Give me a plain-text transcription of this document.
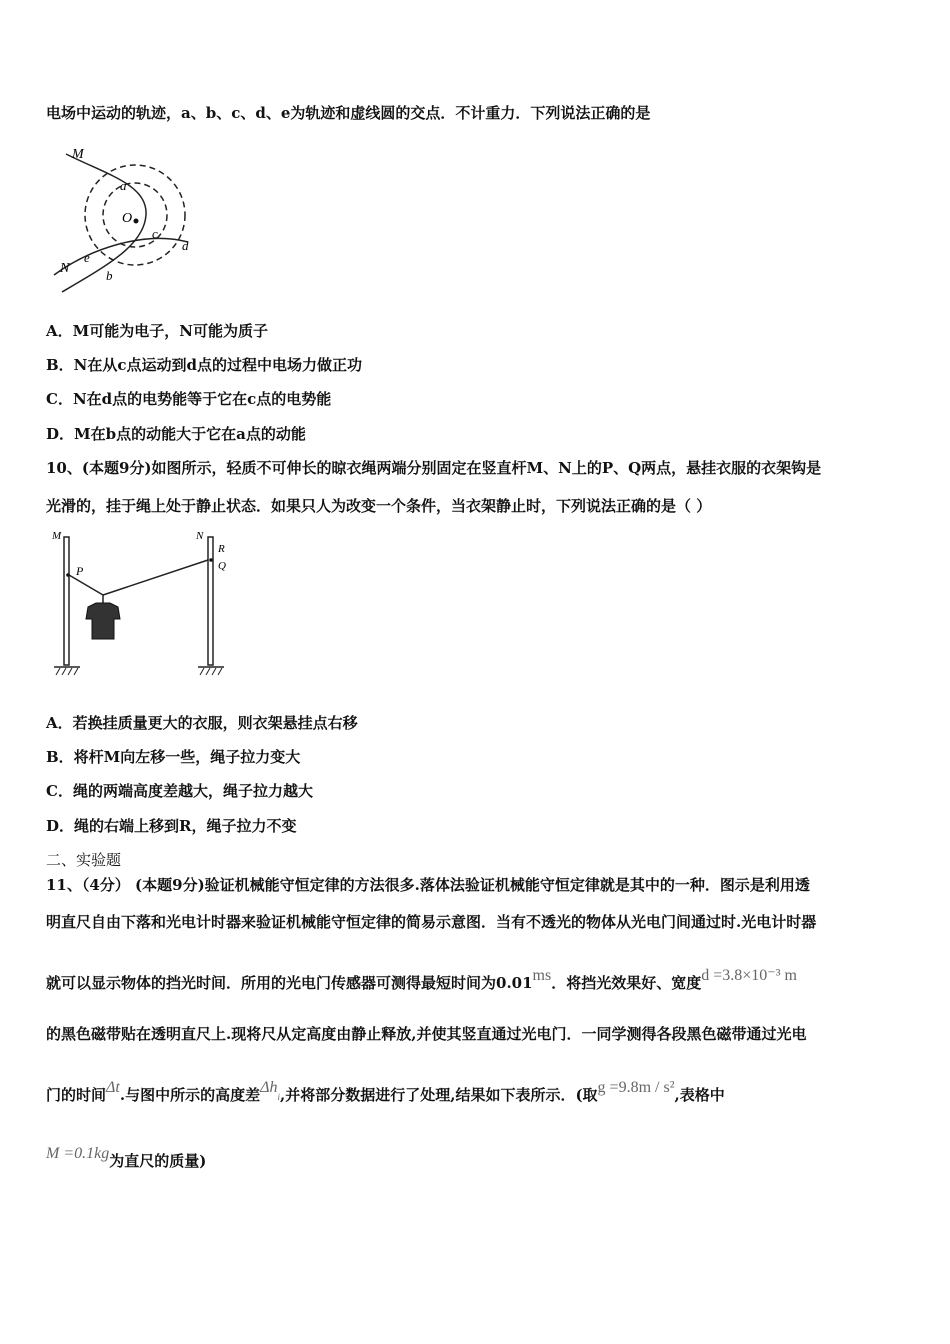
电场中运动的轨迹，a、b、c、d、e为轨迹和虚线圆的交点．不计重力．下列说法正确的是
M
N
O
a
b
c
d
e
A．M可能为电子，N可能为质子
B．N在从c点运动到d点的过程中电场力做正功
C．N在d点的电势能等于它在c点的电势能
D．M在b点的动能大于它在a点的动能
10、(本题9分)如图所示，轻质不可伸长的晾衣绳两端分别固定在竖直杆M、N上的P、Q两点，悬挂衣服的衣架钩是
光滑的，挂于绳上处于静止状态．如果只人为改变一个条件，当衣架静止时，下列说法正确的是（ ）
M	N
P	Q
R
A．若换挂质量更大的衣服，则衣架悬挂点右移
B．将杆M向左移一些，绳子拉力变大
C．绳的两端高度差越大，绳子拉力越大
D．绳的右端上移到R，绳子拉力不变
二、实验题
11、（4分） (本题9分)验证机械能守恒定律的方法很多.落体法验证机械能守恒定律就是其中的一种．图示是利用透
明直尺自由下落和光电计时器来验证机械能守恒定律的简易示意图．当有不透光的物体从光电门间通过时.光电计时器
就可以显示物体的挡光时间．所用的光电门传感器可测得最短时间为0.01ms．将挡光效果好、宽度d =3.8×10⁻³ m
的黑色磁带贴在透明直尺上.现将尺从定高度由静止释放,并使其竖直通过光电门．一同学测得各段黑色磁带通过光电
门的时间Δt.与图中所示的高度差Δhi,并将部分数据进行了处理,结果如下表所示．(取g =9.8m / s²,表格中
M =0.1kg为直尺的质量)
